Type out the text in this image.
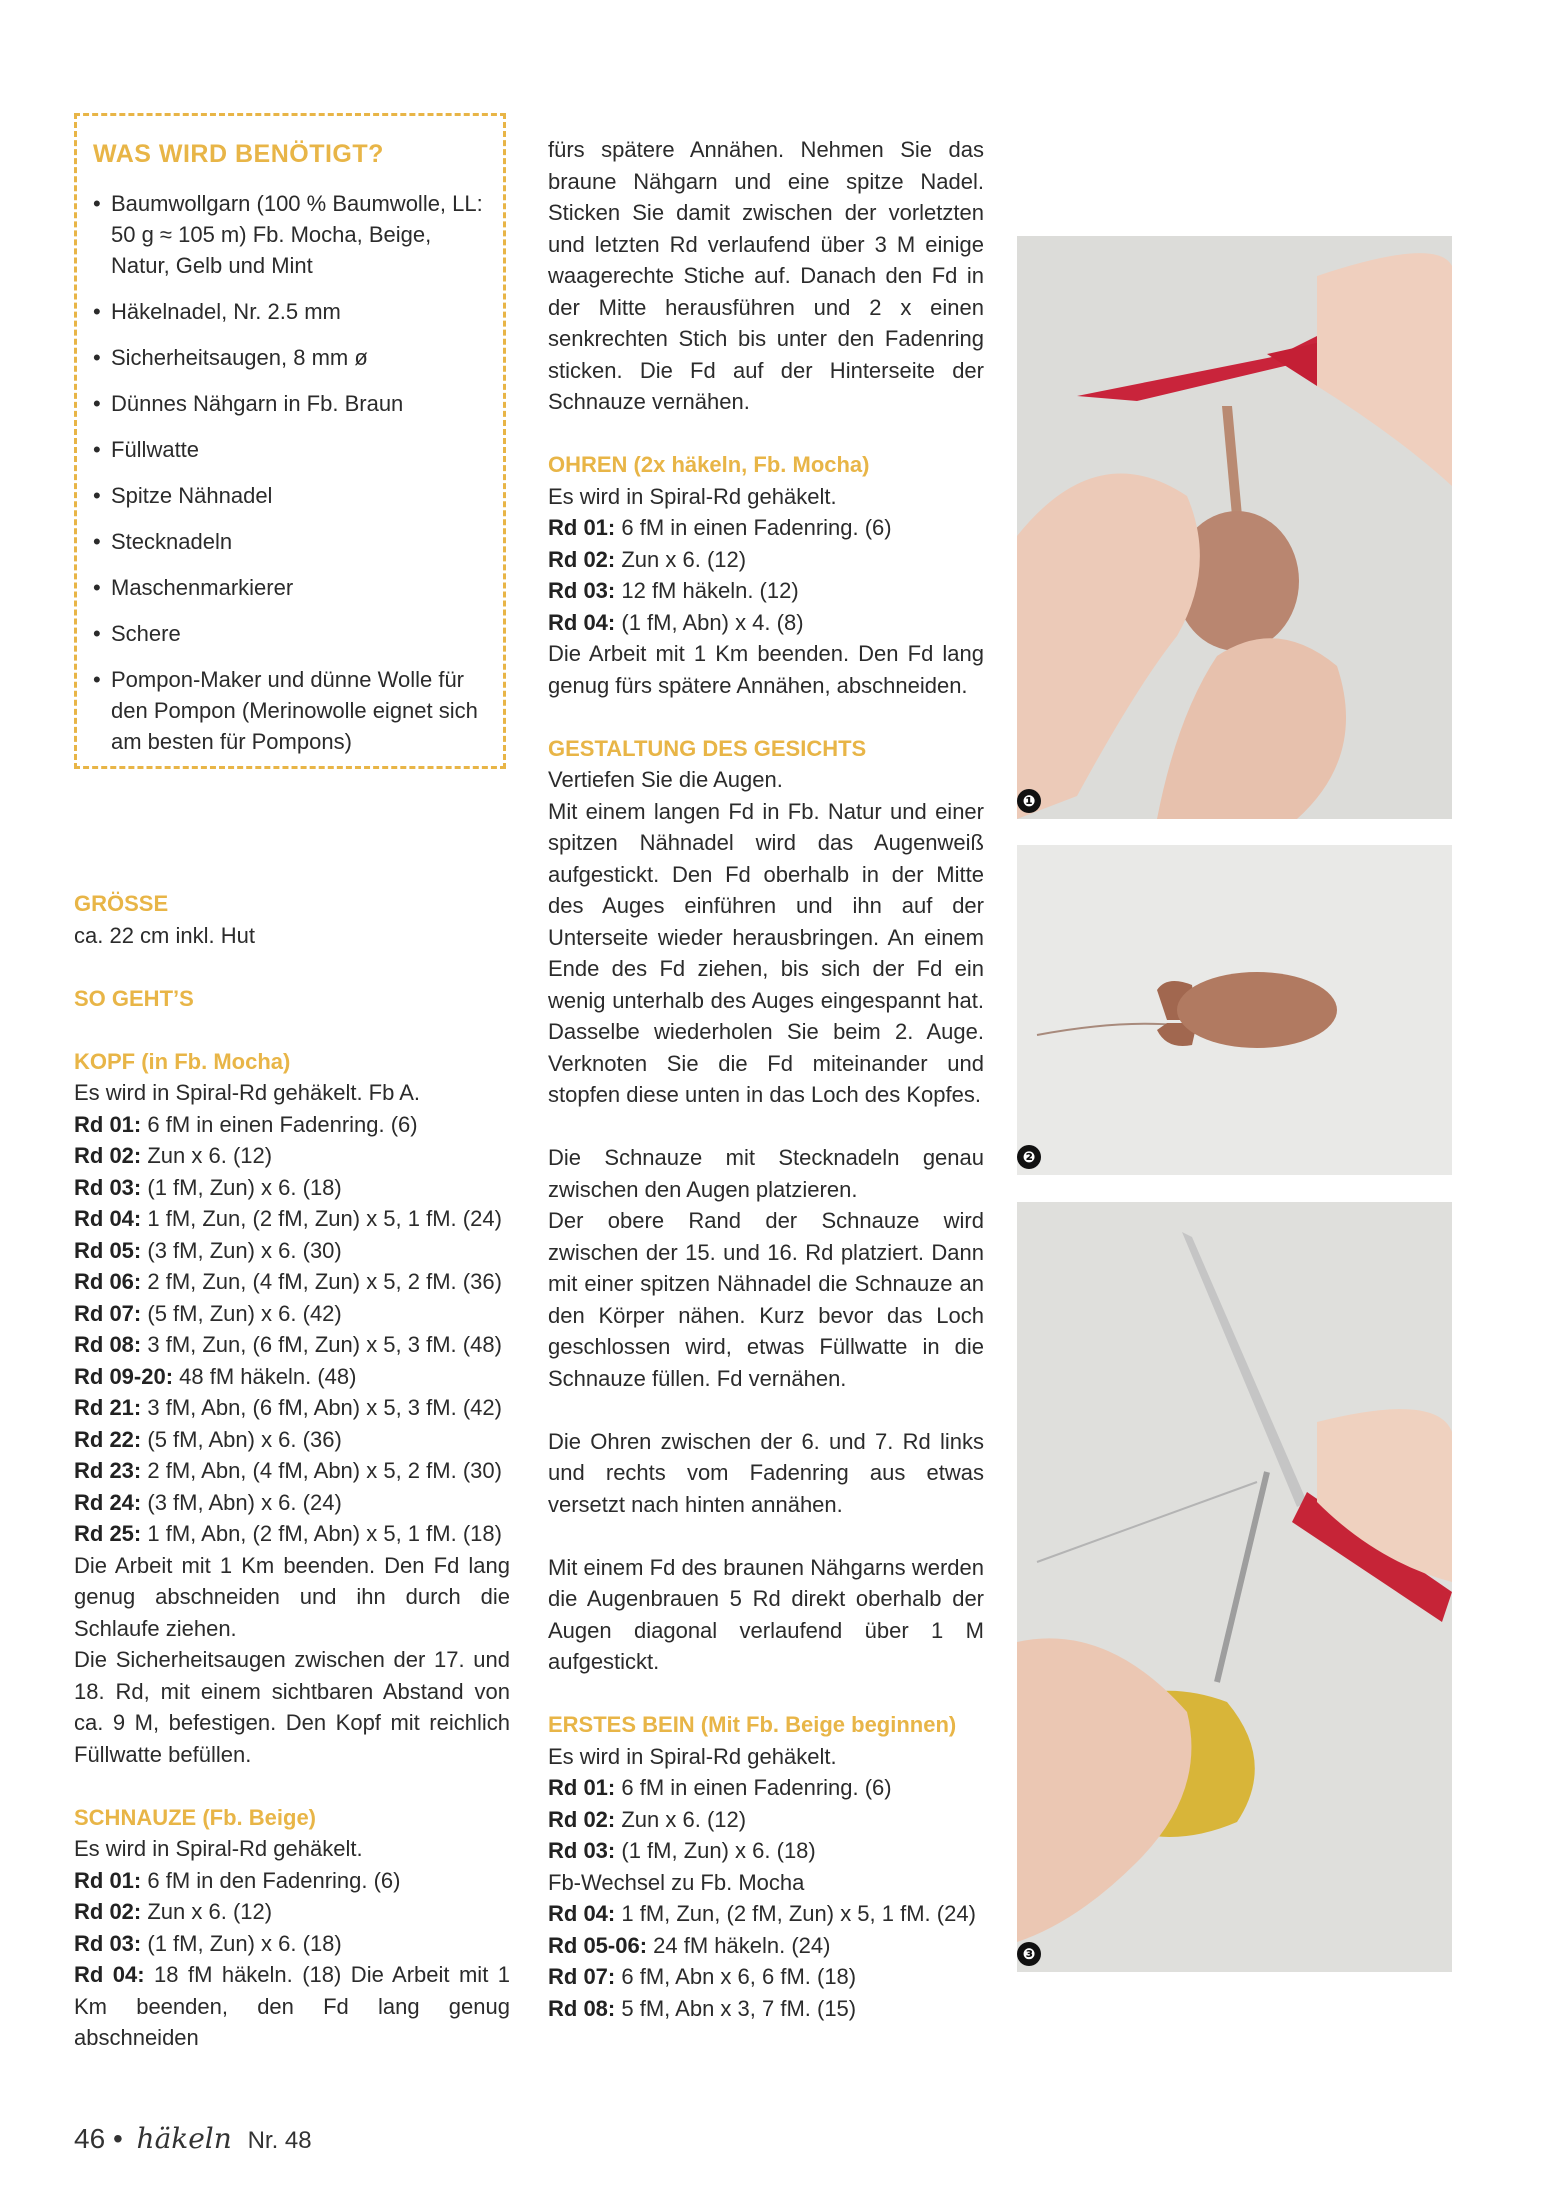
WAS WIRD BENÖTIGT?
• Baumwollgarn (100 % Baumwolle, LL: 50 g ≈ 105 m) Fb. Mocha, Beige, Natur, Gelb und Mint
• Häkelnadel, Nr. 2.5 mm
• Sicherheitsaugen, 8 mm ø
• Dünnes Nähgarn in Fb. Braun
• Füllwatte
• Spitze Nähnadel
• Stecknadeln
• Maschenmarkierer
• Schere
• Pompon-Maker und dünne Wolle für den Pompon (Merinowolle eignet sich am besten für Pompons)

GRÖSSE

ca. 22 cm inkl. Hut

SO GEHT’S

KOPF (in Fb. Mocha)

Es wird in Spiral-Rd gehäkelt. Fb A.

Rd 01: 6 fM in einen Fadenring. (6)

Rd 02: Zun x 6. (12)

Rd 03: (1 fM, Zun) x 6. (18)

Rd 04: 1 fM, Zun, (2 fM, Zun) x 5, 1 fM. (24)

Rd 05: (3 fM, Zun) x 6. (30)

Rd 06: 2 fM, Zun, (4 fM, Zun) x 5, 2 fM. (36)

Rd 07: (5 fM, Zun) x 6. (42)

Rd 08: 3 fM, Zun, (6 fM, Zun) x 5, 3 fM. (48)

Rd 09-20: 48 fM häkeln. (48)

Rd 21: 3 fM, Abn, (6 fM, Abn) x 5, 3 fM. (42)

Rd 22: (5 fM, Abn) x 6. (36)

Rd 23: 2 fM, Abn, (4 fM, Abn) x 5, 2 fM. (30)

Rd 24: (3 fM, Abn) x 6. (24)

Rd 25: 1 fM, Abn, (2 fM, Abn) x 5, 1 fM. (18)

Die Arbeit mit 1 Km beenden. Den Fd lang genug abschneiden und ihn durch die Schlaufe ziehen.

Die Sicherheitsaugen zwischen der 17. und 18. Rd, mit einem sichtbaren Abstand von ca. 9 M, befestigen. Den Kopf mit reichlich Füllwatte befüllen.

SCHNAUZE (Fb. Beige)

Es wird in Spiral-Rd gehäkelt.

Rd 01: 6 fM in den Fadenring. (6)

Rd 02: Zun x 6. (12)

Rd 03: (1 fM, Zun) x 6. (18)

Rd 04: 18 fM häkeln. (18) Die Arbeit mit 1 Km beenden, den Fd lang genug abschneiden

fürs spätere Annähen. Nehmen Sie das braune Nähgarn und eine spitze Nadel. Sticken Sie damit zwischen der vorletzten und letzten Rd verlaufend über 3 M einige waagerechte Stiche auf. Danach den Fd in der Mitte herausführen und 2 x einen senkrechten Stich bis unter den Fadenring sticken. Die Fd auf der Hinterseite der Schnauze vernähen.

OHREN (2x häkeln, Fb. Mocha)

Es wird in Spiral-Rd gehäkelt.

Rd 01: 6 fM in einen Fadenring. (6)

Rd 02: Zun x 6. (12)

Rd 03: 12 fM häkeln. (12)

Rd 04: (1 fM, Abn) x 4. (8)

Die Arbeit mit 1 Km beenden. Den Fd lang genug fürs spätere Annähen, abschneiden.

GESTALTUNG DES GESICHTS

Vertiefen Sie die Augen.

Mit einem langen Fd in Fb. Natur und einer spitzen Nähnadel wird das Augenweiß aufgestickt. Den Fd oberhalb in der Mitte des Auges einführen und ihn auf der Unterseite wieder herausbringen. An einem Ende des Fd ziehen, bis sich der Fd ein wenig unterhalb des Auges eingespannt hat. Dasselbe wiederholen Sie beim 2. Auge. Verknoten Sie die Fd miteinander und stopfen diese unten in das Loch des Kopfes.

Die Schnauze mit Stecknadeln genau zwischen den Augen platzieren.

Der obere Rand der Schnauze wird zwischen der 15. und 16. Rd platziert. Dann mit einer spitzen Nähnadel die Schnauze an den Körper nähen. Kurz bevor das Loch geschlossen wird, etwas Füllwatte in die Schnauze füllen. Fd vernähen.

Die Ohren zwischen der 6. und 7. Rd links und rechts vom Fadenring aus etwas versetzt nach hinten annähen.

Mit einem Fd des braunen Nähgarns werden die Augenbrauen 5 Rd direkt oberhalb der Augen diagonal verlaufend über 1 M aufgestickt.

ERSTES BEIN (Mit Fb. Beige beginnen)

Es wird in Spiral-Rd gehäkelt.

Rd 01: 6 fM in einen Fadenring. (6)

Rd 02: Zun x 6. (12)

Rd 03: (1 fM, Zun) x 6. (18)

Fb-Wechsel zu Fb. Mocha

Rd 04: 1 fM, Zun, (2 fM, Zun) x 5, 1 fM. (24)

Rd 05-06: 24 fM häkeln. (24)

Rd 07: 6 fM, Abn x 6, 6 fM. (18)

Rd 08: 5 fM, Abn x 3, 7 fM. (15)

❶
❷
❸
46 • häkeln Nr. 48
